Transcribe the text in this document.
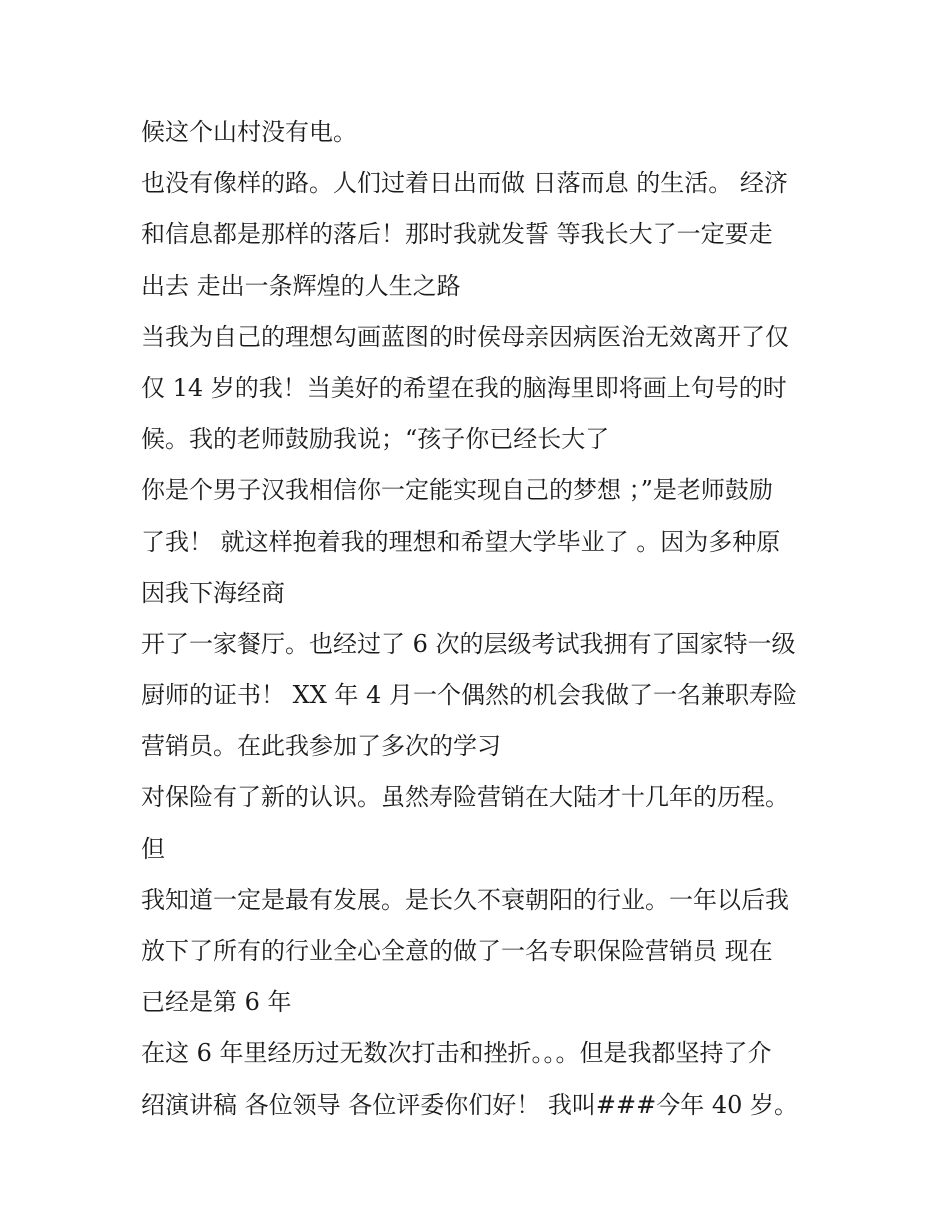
候这个山村没有电。
也没有像样的路。人们过着日出而做 日落而息 的生活。 经济
和信息都是那样的落后！那时我就发誓 等我长大了一定要走
出去 走出一条辉煌的人生之路
当我为自己的理想勾画蓝图的时侯母亲因病医治无效离开了仅
仅 14 岁的我！当美好的希望在我的脑海里即将画上句号的时
候。我的老师鼓励我说；“孩子你已经长大了
你是个男子汉我相信你一定能实现自己的梦想 ；”是老师鼓励
了我！ 就这样抱着我的理想和希望大学毕业了 。因为多种原
因我下海经商
开了一家餐厅。也经过了 6 次的层级考试我拥有了国家特一级
厨师的证书！ XX 年 4 月一个偶然的机会我做了一名兼职寿险
营销员。在此我参加了多次的学习
对保险有了新的认识。虽然寿险营销在大陆才十几年的历程。
但
我知道一定是最有发展。是长久不衰朝阳的行业。一年以后我
放下了所有的行业全心全意的做了一名专职保险营销员 现在
已经是第 6 年
在这 6 年里经历过无数次打击和挫折。。。但是我都坚持了介
绍演讲稿 各位领导 各位评委你们好！ 我叫###今年 40 岁。
